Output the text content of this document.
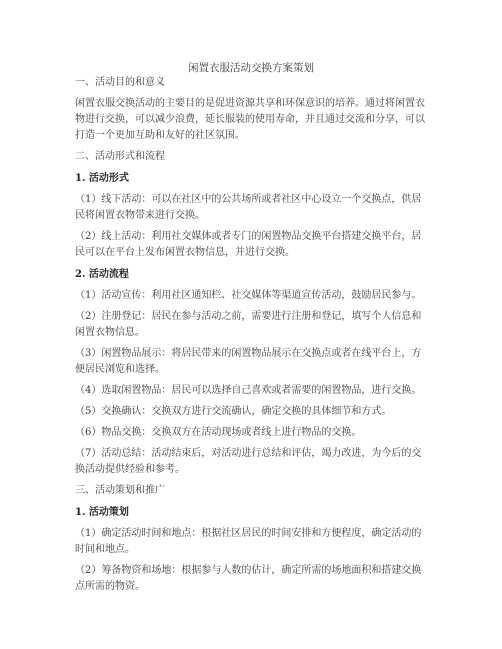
闲置衣服活动交换方案策划

一、活动目的和意义

闲置衣服交换活动的主要目的是促进资源共享和环保意识的培养。通过将闲置衣物进行交换，可以减少浪费，延长服装的使用寿命，并且通过交流和分享，可以打造一个更加互助和友好的社区氛围。

二、活动形式和流程

1. 活动形式

（1）线下活动：可以在社区中的公共场所或者社区中心设立一个交换点，供居民将闲置衣物带来进行交换。

（2）线上活动：利用社交媒体或者专门的闲置物品交换平台搭建交换平台，居民可以在平台上发布闲置衣物信息，并进行交换。

2. 活动流程

（1）活动宣传：利用社区通知栏、社交媒体等渠道宣传活动，鼓励居民参与。

（2）注册登记：居民在参与活动之前，需要进行注册和登记，填写个人信息和闲置衣物信息。

（3）闲置物品展示：将居民带来的闲置物品展示在交换点或者在线平台上，方便居民浏览和选择。

（4）选取闲置物品：居民可以选择自己喜欢或者需要的闲置物品，进行交换。

（5）交换确认：交换双方进行交流确认，确定交换的具体细节和方式。

（6）物品交换：交换双方在活动现场或者线上进行物品的交换。

（7）活动总结：活动结束后，对活动进行总结和评估，竭力改进，为今后的交换活动提供经验和参考。

三、活动策划和推广

1. 活动策划

（1）确定活动时间和地点：根据社区居民的时间安排和方便程度，确定活动的时间和地点。

（2）筹备物资和场地：根据参与人数的估计，确定所需的场地面积和搭建交换点所需的物资。
